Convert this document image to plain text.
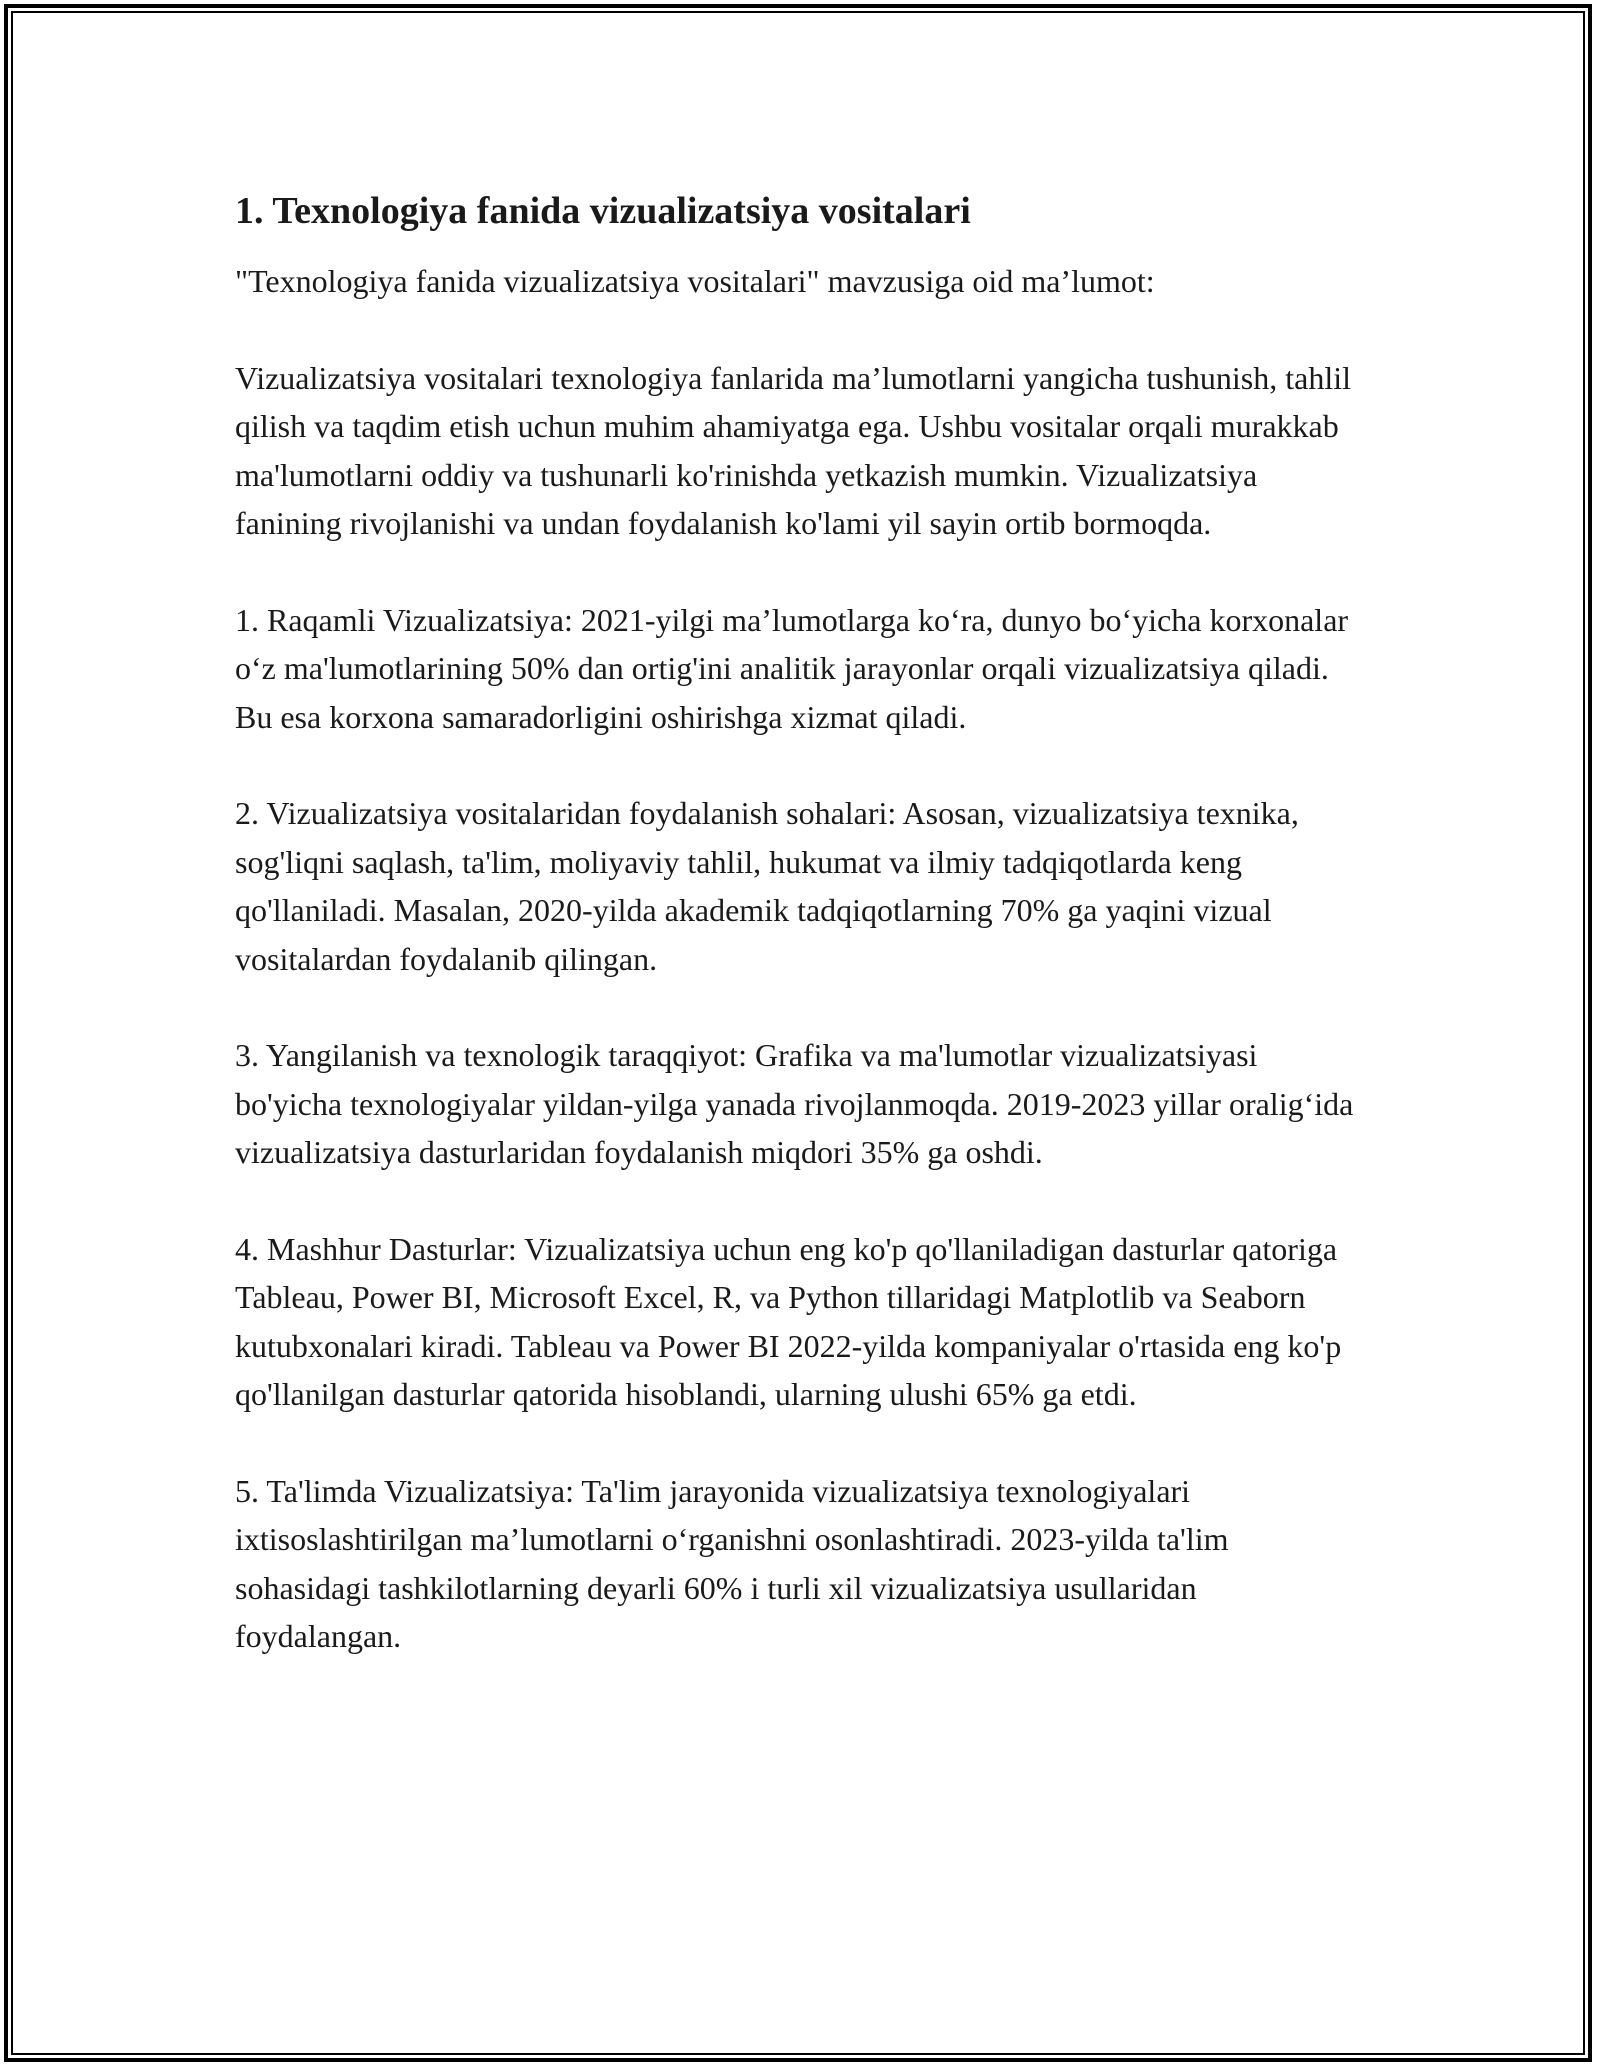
1. Texnologiya fanida vizualizatsiya vositalari

"Texnologiya fanida vizualizatsiya vositalari" mavzusiga oid ma’lumot:

Vizualizatsiya vositalari texnologiya fanlarida ma’lumotlarni yangicha tushunish, tahlil qilish va taqdim etish uchun muhim ahamiyatga ega. Ushbu vositalar orqali murakkab ma'lumotlarni oddiy va tushunarli ko'rinishda yetkazish mumkin. Vizualizatsiya fanining rivojlanishi va undan foydalanish ko'lami yil sayin ortib bormoqda.

1. Raqamli Vizualizatsiya: 2021-yilgi ma’lumotlarga ko‘ra, dunyo bo‘yicha korxonalar o‘z ma'lumotlarining 50% dan ortig'ini analitik jarayonlar orqali vizualizatsiya qiladi. Bu esa korxona samaradorligini oshirishga xizmat qiladi.

2. Vizualizatsiya vositalaridan foydalanish sohalari: Asosan, vizualizatsiya texnika, sog'liqni saqlash, ta'lim, moliyaviy tahlil, hukumat va ilmiy tadqiqotlarda keng qo'llaniladi. Masalan, 2020-yilda akademik tadqiqotlarning 70% ga yaqini vizual vositalardan foydalanib qilingan.

3. Yangilanish va texnologik taraqqiyot: Grafika va ma'lumotlar vizualizatsiyasi bo'yicha texnologiyalar yildan-yilga yanada rivojlanmoqda. 2019-2023 yillar oralig‘ida vizualizatsiya dasturlaridan foydalanish miqdori 35% ga oshdi.

4. Mashhur Dasturlar: Vizualizatsiya uchun eng ko'p qo'llaniladigan dasturlar qatoriga Tableau, Power BI, Microsoft Excel, R, va Python tillaridagi Matplotlib va Seaborn kutubxonalari kiradi. Tableau va Power BI 2022-yilda kompaniyalar o'rtasida eng ko'p qo'llanilgan dasturlar qatorida hisoblandi, ularning ulushi 65% ga etdi.

5. Ta'limda Vizualizatsiya: Ta'lim jarayonida vizualizatsiya texnologiyalari ixtisoslashtirilgan ma’lumotlarni o‘rganishni osonlashtiradi. 2023-yilda ta'lim sohasidagi tashkilotlarning deyarli 60% i turli xil vizualizatsiya usullaridan foydalangan.
